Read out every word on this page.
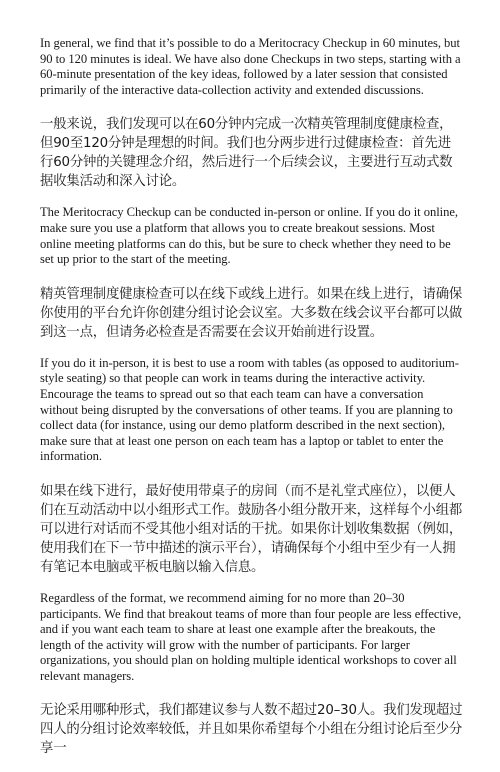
In general, we find that it’s possible to do a Meritocracy Checkup in 60 minutes, but 90 to 120 minutes is ideal. We have also done Checkups in two steps, starting with a 60-minute presentation of the key ideas, followed by a later session that consisted primarily of the interactive data-collection activity and extended discussions.

一般来说，我们发现可以在60分钟内完成一次精英管理制度健康检查，但90至120分钟是理想的时间。我们也分两步进行过健康检查：首先进行60分钟的关键理念介绍，然后进行一个后续会议，主要进行互动式数据收集活动和深入讨论。

The Meritocracy Checkup can be conducted in-person or online. If you do it online, make sure you use a platform that allows you to create breakout sessions. Most online meeting platforms can do this, but be sure to check whether they need to be set up prior to the start of the meeting.

精英管理制度健康检查可以在线下或线上进行。如果在线上进行，请确保你使用的平台允许你创建分组讨论会议室。大多数在线会议平台都可以做到这一点，但请务必检查是否需要在会议开始前进行设置。

If you do it in-person, it is best to use a room with tables (as opposed to auditorium-style seating) so that people can work in teams during the interactive activity. Encourage the teams to spread out so that each team can have a conversation without being disrupted by the conversations of other teams. If you are planning to collect data (for instance, using our demo platform described in the next section), make sure that at least one person on each team has a laptop or tablet to enter the information.

如果在线下进行，最好使用带桌子的房间（而不是礼堂式座位），以便人们在互动活动中以小组形式工作。鼓励各小组分散开来，这样每个小组都可以进行对话而不受其他小组对话的干扰。如果你计划收集数据（例如，使用我们在下一节中描述的演示平台），请确保每个小组中至少有一人拥有笔记本电脑或平板电脑以输入信息。

Regardless of the format, we recommend aiming for no more than 20–30 participants. We find that breakout teams of more than four people are less effective, and if you want each team to share at least one example after the breakouts, the length of the activity will grow with the number of participants. For larger organizations, you should plan on holding multiple identical workshops to cover all relevant managers.

无论采用哪种形式，我们都建议参与人数不超过20–30人。我们发现超过四人的分组讨论效率较低，并且如果你希望每个小组在分组讨论后至少分享一
